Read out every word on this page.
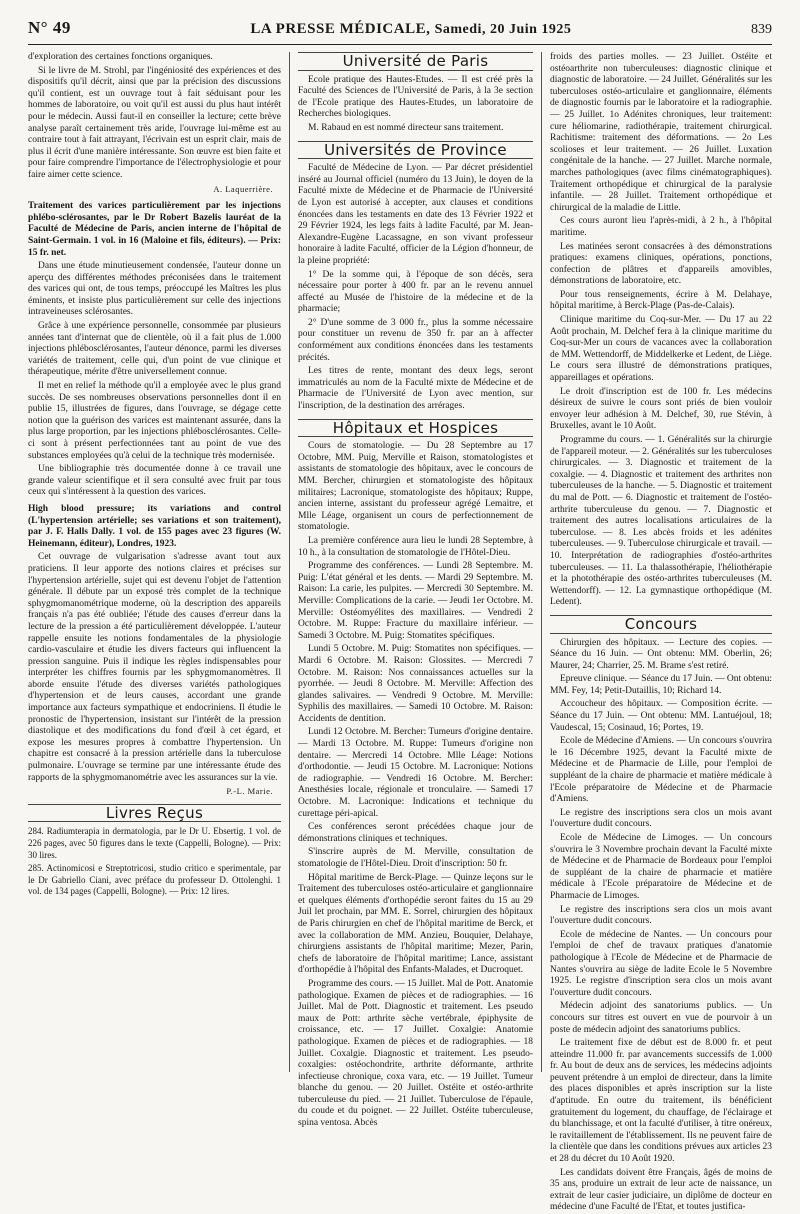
N° 49	LA PRESSE MÉDICALE, Samedi, 20 Juin 1925	839

d'exploration des certaines fonctions organiques.

Si le livre de M. Strohl, par l'ingéniosité des expériences et des dispositifs qu'il décrit, ainsi que par la précision des discussions qu'il contient, est un ouvrage tout à fait séduisant pour les hommes de laboratoire, ou voit qu'il est aussi du plus haut intérêt pour le médecin. Aussi faut-il en conseiller la lecture; cette brève analyse paraît certainement très aride, l'ouvrage lui-même est au contraire tout à fait attrayant, l'écrivain est un esprit clair, mais de plus il écrit d'une manière intéressante. Son œuvre est bien faite et pour faire comprendre l'importance de l'électrophysiologie et pour faire aimer cette science.

A. Laquerrière.

Traitement des varices particulièrement par les injections phlébo-sclérosantes, par le Dr Robert Bazelis lauréat de la Faculté de Médecine de Paris, ancien interne de l'hôpital de Saint-Germain. 1 vol. in 16 (Maloine et fils, éditeurs). — Prix: 15 fr. net.

Dans une étude minutieusement condensée, l'auteur donne un aperçu des différentes méthodes préconisées dans le traitement des varices qui ont, de tous temps, préoccupé les Maîtres les plus éminents, et insiste plus particulièrement sur celle des injections intraveineuses sclérosantes.

Grâce à une expérience personnelle, consommée par plusieurs années tant d'internat que de clientèle, où il a fait plus de 1.000 injections phlébosclérosantes, l'auteur dénonce, parmi les diverses variétés de traitement, celle qui, d'un point de vue clinique et thérapeutique, mérite d'être universellement connue.

Il met en relief la méthode qu'il a employée avec le plus grand succès. De ses nombreuses observations personnelles dont il en publie 15, illustrées de figures, dans l'ouvrage, se dégage cette notion que la guérison des varices est maintenant assurée, dans la plus large proportion, par les injections phlébosclérosantes. Celle-ci sont à présent perfectionnées tant au point de vue des substances employées qu'à celui de la technique très modernisée.

Une bibliographie très documentée donne à ce travail une grande valeur scientifique et il sera consulté avec fruit par tous ceux qui s'intéressent à la question des varices.

High blood pressure; its variations and control (L'hypertension artérielle; ses variations et son traitement), par J. F. Halls Dally. 1 vol. de 155 pages avec 23 figures (W. Heinemann, éditeur), Londres, 1923.

Cet ouvrage de vulgarisation s'adresse avant tout aux praticiens. Il leur apporte des notions claires et précises sur l'hypertension artérielle, sujet qui est devenu l'objet de l'attention générale. Il débute par un exposé très complet de la technique sphygmomanométrique moderne, où la description des appareils français n'a pas été oubliée; l'étude des causes d'erreur dans la lecture de la pression a été particulièrement développée. L'auteur rappelle ensuite les notions fondamentales de la physiologie cardio-vasculaire et étudie les divers facteurs qui influencent la pression sanguine. Puis il indique les règles indispensables pour interpréter les chiffres fournis par les sphygmomanomètres. Il aborde ensuite l'étude des diverses variétés pathologiques d'hypertension et de leurs causes, accordant une grande importance aux facteurs sympathique et endocriniens. Il étudie le pronostic de l'hypertension, insistant sur l'intérêt de la pression diastolique et des modifications du fond d'œil à cet égard, et expose les mesures propres à combattre l'hypertension. Un chapitre est consacré à la pression artérielle dans la tuberculose pulmonaire. L'ouvrage se termine par une intéressante étude des rapports de la sphygmomanométrie avec les assurances sur la vie.

P.-L. Marie.
Livres Reçus

284. Radiumterapia in dermatologia, par le Dr U. Ebsertig. 1 vol. de 226 pages, avec 50 figures dans le texte (Cappelli, Bologne). — Prix: 30 lires.

285. Actinomicosi e Streptotricosi, studio critico e sperimentale, par le Dr Gabriello Ciani, avec préface du professeur D. Ottolenghi. 1 vol. de 134 pages (Cappelli, Bologne). — Prix: 12 lires.

Université de Paris

Ecole pratique des Hautes-Etudes. — Il est créé près la Faculté des Sciences de l'Université de Paris, à la 3e section de l'Ecole pratique des Hautes-Etudes, un laboratoire de Recherches biologiques.

M. Rabaud en est nommé directeur sans traitement.

Universités de Province

Faculté de Médecine de Lyon. — Par décret présidentiel inséré au Journal officiel (numéro du 13 Juin), le doyen de la Faculté mixte de Médecine et de Pharmacie de l'Université de Lyon est autorisé à accepter, aux clauses et conditions énoncées dans les testaments en date des 13 Février 1922 et 29 Février 1924, les legs faits à ladite Faculté, par M. Jean-Alexandre-Eugène Lacassagne, en son vivant professeur honoraire à ladite Faculté, officier de la Légion d'honneur, de la pleine propriété:

1° De la somme qui, à l'époque de son décès, sera nécessaire pour porter à 400 fr. par an le revenu annuel affecté au Musée de l'histoire de la médecine et de la pharmacie;

2° D'une somme de 3 000 fr., plus la somme nécessaire pour constituer un revenu de 350 fr. par an à affecter conformément aux conditions énoncées dans les testaments précités.

Les titres de rente, montant des deux legs, seront immatriculés au nom de la Faculté mixte de Médecine et de Pharmacie de l'Université de Lyon avec mention, sur l'inscription, de la destination des arrérages.

Hôpitaux et Hospices

Cours de stomatologie. — Du 28 Septembre au 17 Octobre, MM. Puig, Merville et Raison, stomatologistes et assistants de stomatologie des hôpitaux, avec le concours de MM. Bercher, chirurgien et stomatologiste des hôpitaux militaires; Lacronique, stomatologiste des hôpitaux; Ruppe, ancien interne, assistant du professeur agrégé Lemaitre, et Mlle Léage, organisent un cours de perfectionnement de stomatologie.

La première conférence aura lieu le lundi 28 Septembre, à 10 h., à la consultation de stomatologie de l'Hôtel-Dieu.

Programme des conférences. — Lundi 28 Septembre. M. Puig: L'état général et les dents. — Mardi 29 Septembre. M. Raison: La carie, les pulpites. — Mercredi 30 Septembre. M. Merville: Complications de la carie. — Jeudi 1er Octobre. M. Merville: Ostéomyélites des maxillaires. — Vendredi 2 Octobre. M. Ruppe: Fracture du maxillaire inférieur. — Samedi 3 Octobre. M. Puig: Stomatites spécifiques.

Lundi 5 Octobre. M. Puig: Stomatites non spécifiques. — Mardi 6 Octobre. M. Raison: Glossites. — Mercredi 7 Octobre. M. Raison: Nos connaissances actuelles sur la pyorrhée. — Jeudi 8 Octobre. M. Merville: Affection des glandes salivaires. — Vendredi 9 Octobre. M. Merville: Syphilis des maxillaires. — Samedi 10 Octobre. M. Raison: Accidents de dentition.

Lundi 12 Octobre. M. Bercher: Tumeurs d'origine dentaire. — Mardi 13 Octobre. M. Ruppe: Tumeurs d'origine non dentaire. — Mercredi 14 Octobre. Mlle Léage: Notions d'orthodontie. — Jeudi 15 Octobre. M. Lacronique: Notions de radiographie. — Vendredi 16 Octobre. M. Bercher: Anesthésies locale, régionale et tronculaire. — Samedi 17 Octobre. M. Lacronique: Indications et technique du curettage péri-apical.

Ces conférences seront précédées chaque jour de démonstrations cliniques et techniques.

S'inscrire auprès de M. Merville, consultation de stomatologie de l'Hôtel-Dieu. Droit d'inscription: 50 fr.

Hôpital maritime de Berck-Plage. — Quinze leçons sur le Traitement des tuberculoses ostéo-articulaire et ganglionnaire et quelques éléments d'orthopédie seront faites du 15 au 29 Juil let prochain, par MM. E. Sorrel, chirurgien des hôpitaux de Paris chirurgien en chef de l'hôpital maritime de Berck, et avec la collaboration de MM. Anzieu, Bouquier, Delahaye, chirurgiens assistants de l'hôpital maritime; Mezer, Parin, chefs de laboratoire de l'hôpital maritime; Lance, assistant d'orthopédie à l'hôpital des Enfants-Malades, et Ducroquet.

Programme des cours. — 15 Juillet. Mal de Pott. Anatomie pathologique. Examen de pièces et de radiographies. — 16 Juillet. Mal de Pott. Diagnostic et traitement. Les pseudo maux de Pott: arthrite sèche vertébrale, épiphysite de croissance, etc. — 17 Juillet. Coxalgie: Anatomie pathologique. Examen de pièces et de radiographies. — 18 Juillet. Coxalgie. Diagnostic et traitement. Les pseudo-coxalgies: ostéochondrite, arthrite déformante, arthrite infectieuse chronique, coxa vara, etc. — 19 Juillet. Tumeur blanche du genou. — 20 Juillet. Ostéite et ostéo-arthrite tuberculeuse du pied. — 21 Juillet. Tuberculose de l'épaule, du coude et du poignet. — 22 Juillet. Ostéite tuberculeuse, spina ventosa. Abcès

froids des parties molles. — 23 Juillet. Ostéite et ostéoarthrite non tuberculeuses: diagnostic clinique et diagnostic de laboratoire. — 24 Juillet. Généralités sur les tuberculoses ostéo-articulaire et ganglionnaire, éléments de diagnostic fournis par le laboratoire et la radiographie. — 25 Juillet. 1o Adénites chroniques, leur traitement: cure héliomarine, radiothérapie, traitement chirurgical. Rachitisme: traitement des déformations. — 2o Les scolioses et leur traitement. — 26 Juillet. Luxation congénitale de la hanche. — 27 Juillet. Marche normale, marches pathologiques (avec films cinématographiques). Traitement orthopédique et chirurgical de la paralysie infantile. — 28 Juillet. Traitement orthopédique et chirurgical de la maladie de Little.

Ces cours auront lieu l'après-midi, à 2 h., à l'hôpital maritime.

Les matinées seront consacrées à des démonstrations pratiques: examens cliniques, opérations, ponctions, confection de plâtres et d'appareils amovibles, démonstrations de laboratoire, etc.

Pour tous renseignements, écrire à M. Delahaye, hôpital maritime, à Berck-Plage (Pas-de-Calais).

Clinique maritime du Coq-sur-Mer. — Du 17 au 22 Août prochain, M. Delchef fera à la clinique maritime du Coq-sur-Mer un cours de vacances avec la collaboration de MM. Wettendorff, de Middelkerke et Ledent, de Liège. Le cours sera illustré de démonstrations pratiques, appareillages et opérations.

Le droit d'inscription est de 100 fr. Les médecins désireux de suivre le cours sont priés de bien vouloir envoyer leur adhésion à M. Delchef, 30, rue Stévin, à Bruxelles, avant le 10 Août.

Programme du cours. — 1. Généralités sur la chirurgie de l'appareil moteur. — 2. Généralités sur les tuberculoses chirurgicales. — 3. Diagnostic et traitement de la coxalgie. — 4. Diagnostic et traitement des arthrites non tuberculeuses de la hanche. — 5. Diagnostic et traitement du mal de Pott. — 6. Diagnostic et traitement de l'ostéo-arthrite tuberculeuse du genou. — 7. Diagnostic et traitement des autres localisations articulaires de la tuberculose. — 8. Les abcès froids et les adénites tuberculeuses. — 9. Tuberculose chirurgicale et travail. — 10. Interprétation de radiographies d'ostéo-arthrites tuberculeuses. — 11. La thalassothérapie, l'héliothérapie et la photothérapie des ostéo-arthrites tuberculeuses (M. Wettendorff). — 12. La gymnastique orthopédique (M. Ledent).

Concours

Chirurgien des hôpitaux. — Lecture des copies. — Séance du 16 Juin. — Ont obtenu: MM. Oberlin, 26; Maurer, 24; Charrier, 25. M. Brame s'est retiré.

Epreuve clinique. — Séance du 17 Juin. — Ont obtenu: MM. Fey, 14; Petit-Dutaillis, 10; Richard 14.

Accoucheur des hôpitaux. — Composition écrite. — Séance du 17 Juin. — Ont obtenu: MM. Lantuéjoul, 18; Vaudescal, 15; Cosinaud, 16; Portes, 19.

Ecole de Médecine d'Amiens. — Un concours s'ouvrira le 16 Décembre 1925, devant la Faculté mixte de Médecine et de Pharmacie de Lille, pour l'emploi de suppléant de la chaire de pharmacie et matière médicale à l'Ecole préparatoire de Médecine et de Pharmacie d'Amiens.

Le registre des inscriptions sera clos un mois avant l'ouverture dudit concours.

Ecole de Médecine de Limoges. — Un concours s'ouvrira le 3 Novembre prochain devant la Faculté mixte de Médecine et de Pharmacie de Bordeaux pour l'emploi de suppléant de la chaire de pharmacie et matière médicale à l'Ecole préparatoire de Médecine et de Pharmacie de Limoges.

Le registre des inscriptions sera clos un mois avant l'ouverture dudit concours.

Ecole de médecine de Nantes. — Un concours pour l'emploi de chef de travaux pratiques d'anatomie pathologique à l'Ecole de Médecine et de Pharmacie de Nantes s'ouvrira au siège de ladite Ecole le 5 Novembre 1925. Le registre d'inscription sera clos un mois avant l'ouverture dudit concours.

Médecin adjoint des sanatoriums publics. — Un concours sur titres est ouvert en vue de pourvoir à un poste de médecin adjoint des sanatoriums publics.

Le traitement fixe de début est de 8.000 fr. et peut atteindre 11.000 fr. par avancements successifs de 1.000 fr. Au bout de deux ans de services, les médecins adjoints peuvent prétendre à un emploi de directeur, dans la limite des places disponibles et après inscription sur la liste d'aptitude. En outre du traitement, ils bénéficient gratuitement du logement, du chauffage, de l'éclairage et du blanchissage, et ont la faculté d'utiliser, à titre onéreux, le ravitaillement de l'établissement. Ils ne peuvent faire de la clientèle que dans les conditions prévues aux articles 23 et 28 du décret du 10 Août 1920.

Les candidats doivent être Français, âgés de moins de 35 ans, produire un extrait de leur acte de naissance, un extrait de leur casier judiciaire, un diplôme de docteur en médecine d'une Faculté de l'Etat, et toutes justifica-
